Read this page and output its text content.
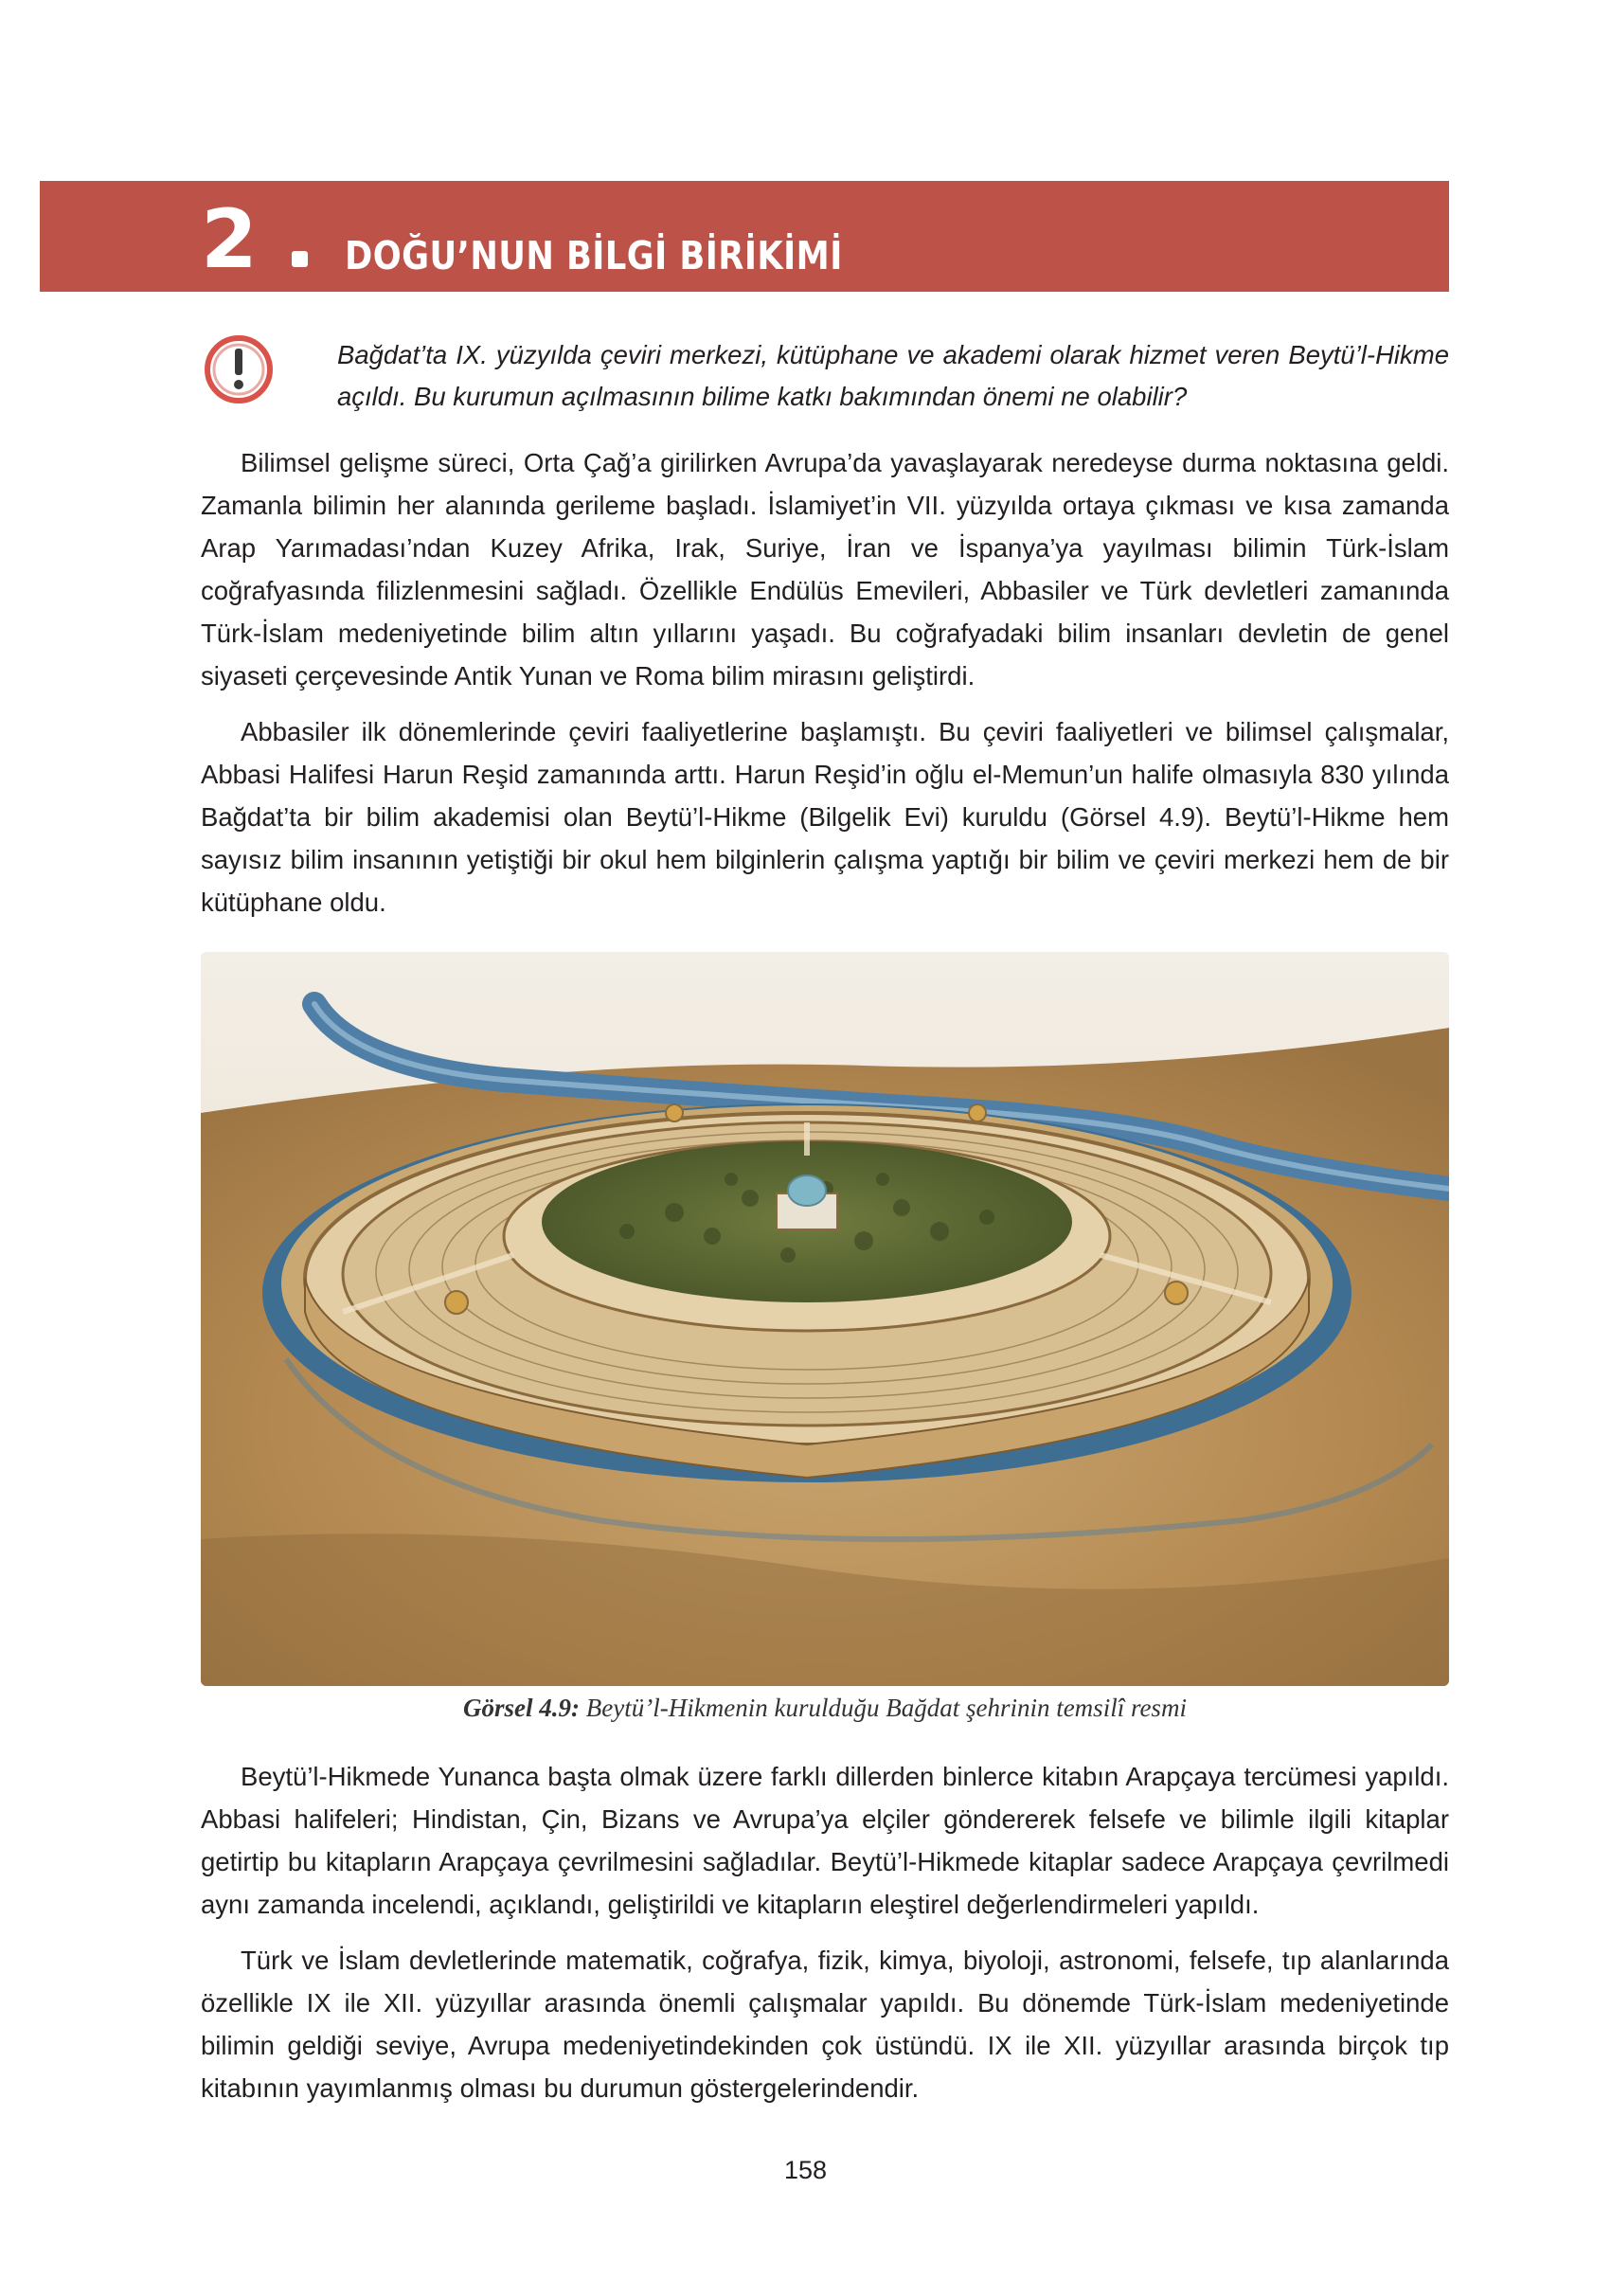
2 DOĞU’NUN BİLGİ BİRİKİMİ
Bağdat’ta IX. yüzyılda çeviri merkezi, kütüphane ve akademi olarak hizmet veren Beytü’l-Hikme açıldı. Bu kurumun açılmasının bilime katkı bakımından önemi ne olabilir?

Bilimsel gelişme süreci, Orta Çağ’a girilirken Avrupa’da yavaşlayarak neredeyse durma noktasına geldi. Zamanla bilimin her alanında gerileme başladı. İslamiyet’in VII. yüzyılda ortaya çıkması ve kısa zamanda Arap Yarımadası’ndan Kuzey Afrika, Irak, Suriye, İran ve İspanya’ya yayılması bilimin Türk-İslam coğrafyasında filizlenmesini sağladı. Özellikle Endülüs Emevileri, Abbasiler ve Türk devletleri zamanında Türk-İslam medeniyetinde bilim altın yıllarını yaşadı. Bu coğrafyadaki bilim insanları devletin de genel siyaseti çerçevesinde Antik Yunan ve Roma bilim mirasını geliştirdi.

Abbasiler ilk dönemlerinde çeviri faaliyetlerine başlamıştı. Bu çeviri faaliyetleri ve bilimsel çalışmalar, Abbasi Halifesi Harun Reşid zamanında arttı. Harun Reşid’in oğlu el-Memun’un halife olmasıyla 830 yılında Bağdat’ta bir bilim akademisi olan Beytü’l-Hikme (Bilgelik Evi) kuruldu (Görsel 4.9). Beytü’l-Hikme hem sayısız bilim insanının yetiştiği bir okul hem bilginlerin çalışma yaptığı bir bilim ve çeviri merkezi hem de bir kütüphane oldu.

Görsel 4.9: Beytü’l-Hikmenin kurulduğu Bağdat şehrinin temsilî resmi

Beytü’l-Hikmede Yunanca başta olmak üzere farklı dillerden binlerce kitabın Arapçaya tercümesi yapıldı. Abbasi halifeleri; Hindistan, Çin, Bizans ve Avrupa’ya elçiler göndererek felsefe ve bilimle ilgili kitaplar getirtip bu kitapların Arapçaya çevrilmesini sağladılar. Beytü’l-Hikmede kitaplar sadece Arapçaya çevrilmedi aynı zamanda incelendi, açıklandı, geliştirildi ve kitapların eleştirel değerlendirmeleri yapıldı.

Türk ve İslam devletlerinde matematik, coğrafya, fizik, kimya, biyoloji, astronomi, felsefe, tıp alanlarında özellikle IX ile XII. yüzyıllar arasında önemli çalışmalar yapıldı. Bu dönemde Türk-İslam medeniyetinde bilimin geldiği seviye, Avrupa medeniyetindekinden çok üstündü. IX ile XII. yüzyıllar arasında birçok tıp kitabının yayımlanmış olması bu durumun göstergelerindendir.

158
